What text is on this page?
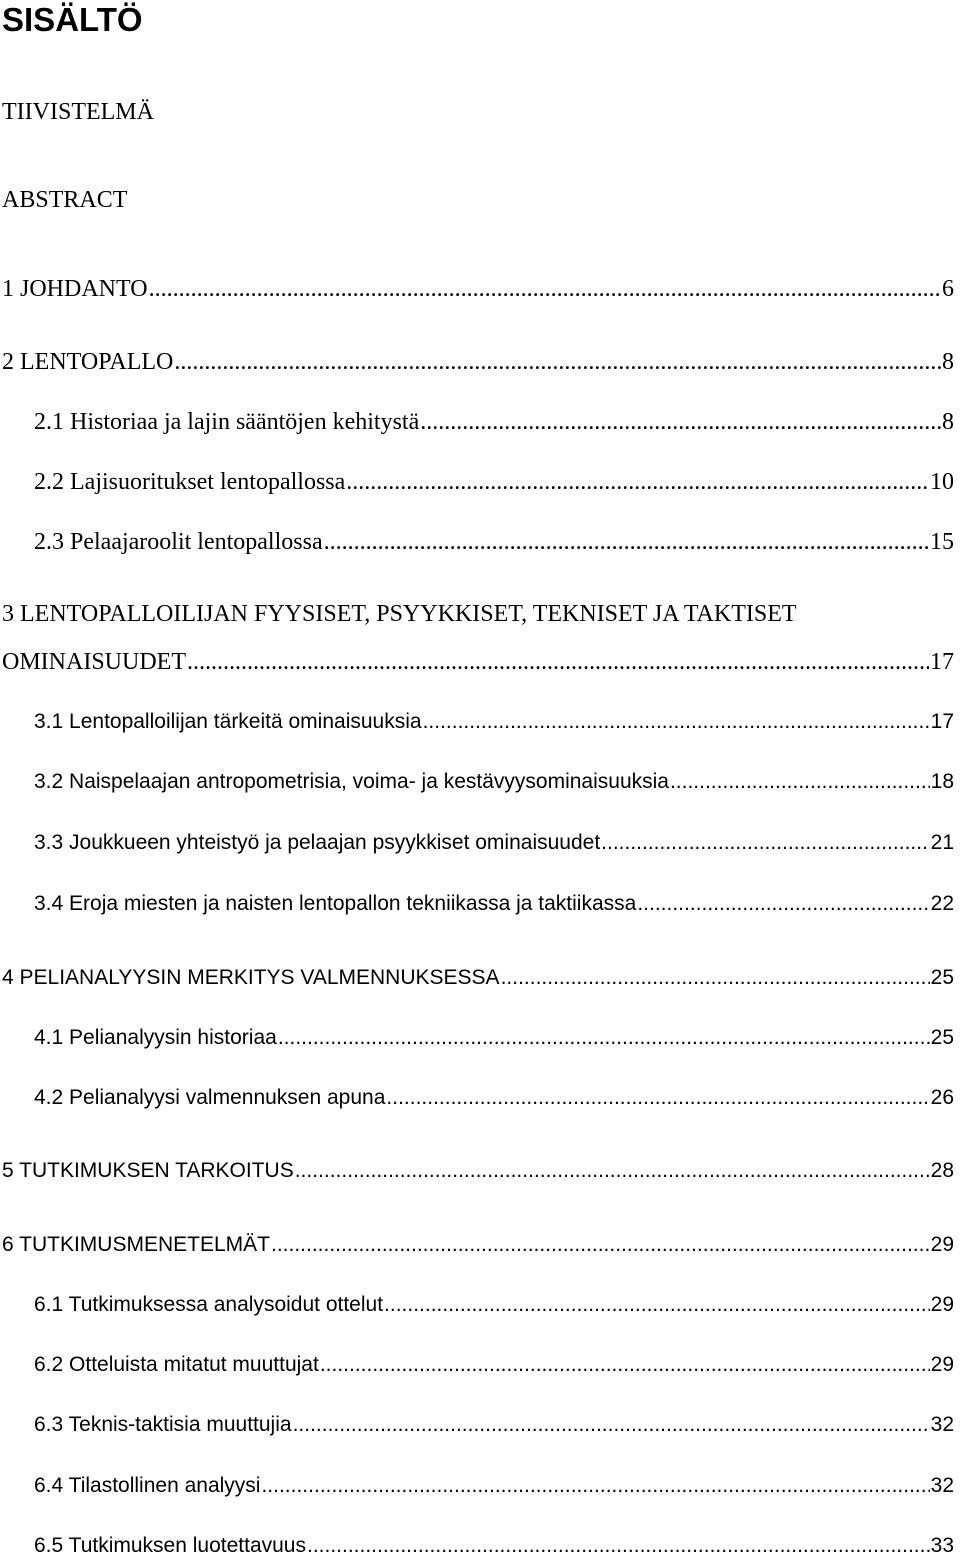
SISÄLTÖ
TIIVISTELMÄ
ABSTRACT
1 JOHDANTO .....	6
2 LENTOPALLO .....	8
2.1 Historiaa ja lajin sääntöjen kehitystä .....	8
2.2 Lajisuoritukset lentopallossa .....	10
2.3 Pelaajaroolit lentopallossa .....	15
3 LENTOPALLOILIJAN FYYSISET, PSYYKKISET, TEKNISET JA TAKTISET
OMINAISUUDET .....	17
3.1 Lentopalloilijan tärkeitä ominaisuuksia .....	17
3.2 Naispelaajan antropometrisia, voima- ja kestävyysominaisuuksia .....	18
3.3 Joukkueen yhteistyö ja pelaajan psyykkiset ominaisuudet .....	21
3.4 Eroja miesten ja naisten lentopallon tekniikassa ja taktiikassa .....	22
4 PELIANALYYSIN MERKITYS VALMENNUKSESSA .....	25
4.1 Pelianalyysin historiaa .....	25
4.2 Pelianalyysi valmennuksen apuna .....	26
5 TUTKIMUKSEN TARKOITUS .....	28
6 TUTKIMUSMENETELMÄT .....	29
6.1 Tutkimuksessa analysoidut ottelut .....	29
6.2 Otteluista mitatut muuttujat .....	29
6.3 Teknis-taktisia muuttujia .....	32
6.4 Tilastollinen analyysi .....	32
6.5 Tutkimuksen luotettavuus .....	33
